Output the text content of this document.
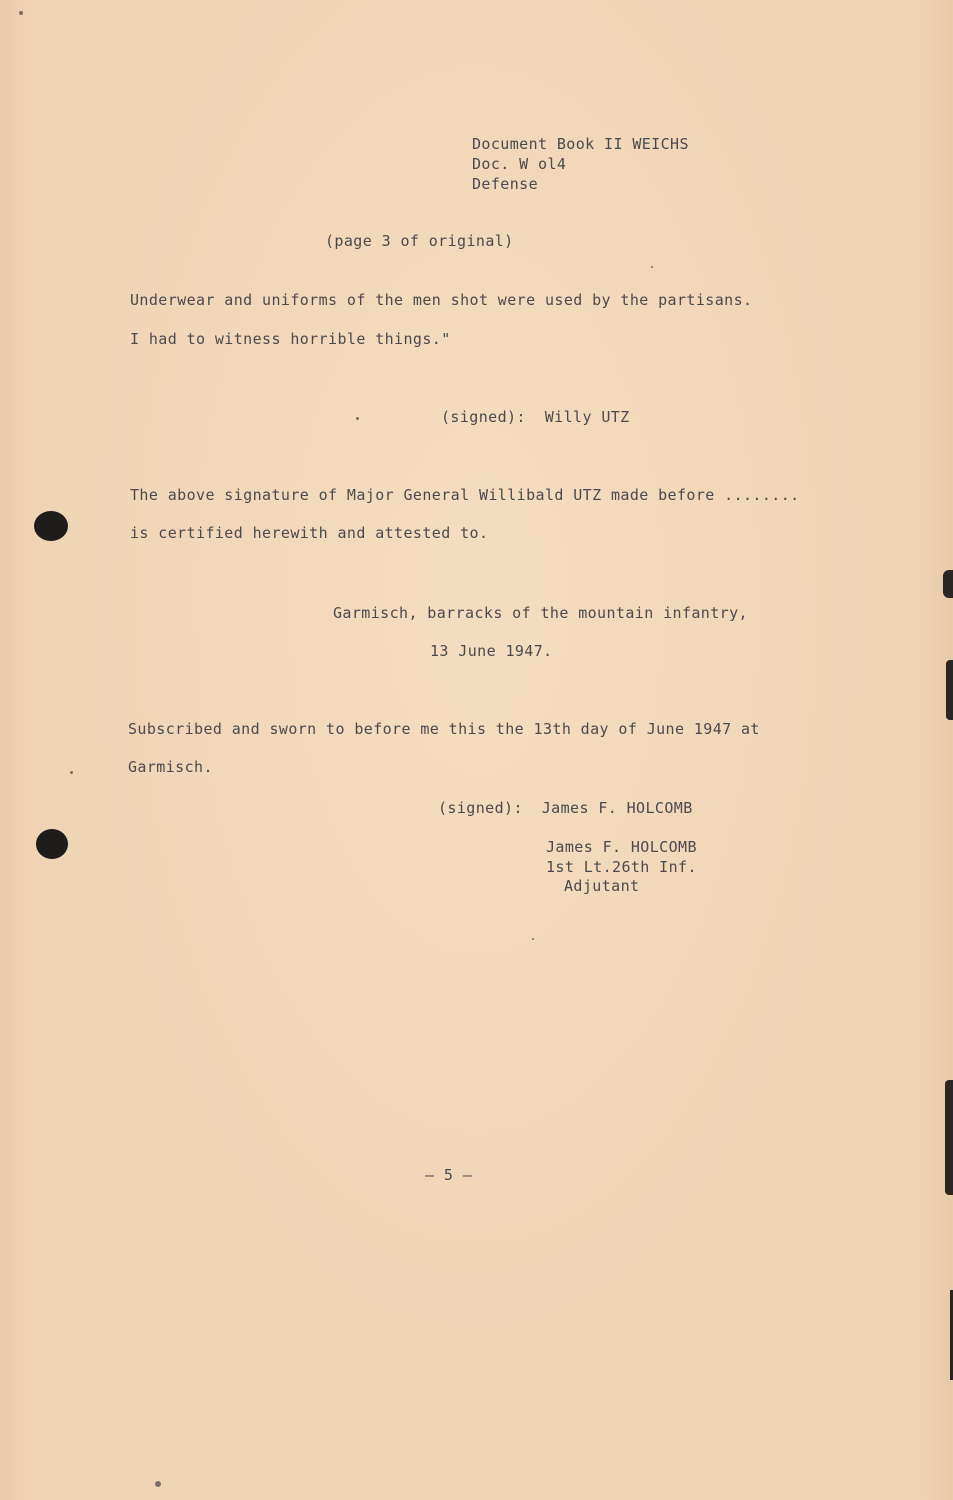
Document Book II WEICHS
Doc. W ol4
Defense
(page 3 of original)
Underwear and uniforms of the men shot were used by the partisans.
I had to witness horrible things."
(signed):  Willy UTZ
The above signature of Major General Willibald UTZ made before ........
is certified herewith and attested to.
Garmisch, barracks of the mountain infantry,
13 June 1947.
Subscribed and sworn to before me this the 13th day of June 1947 at
Garmisch.
(signed):  James F. HOLCOMB
James F. HOLCOMB
1st Lt.26th Inf.
Adjutant
– 5 –
